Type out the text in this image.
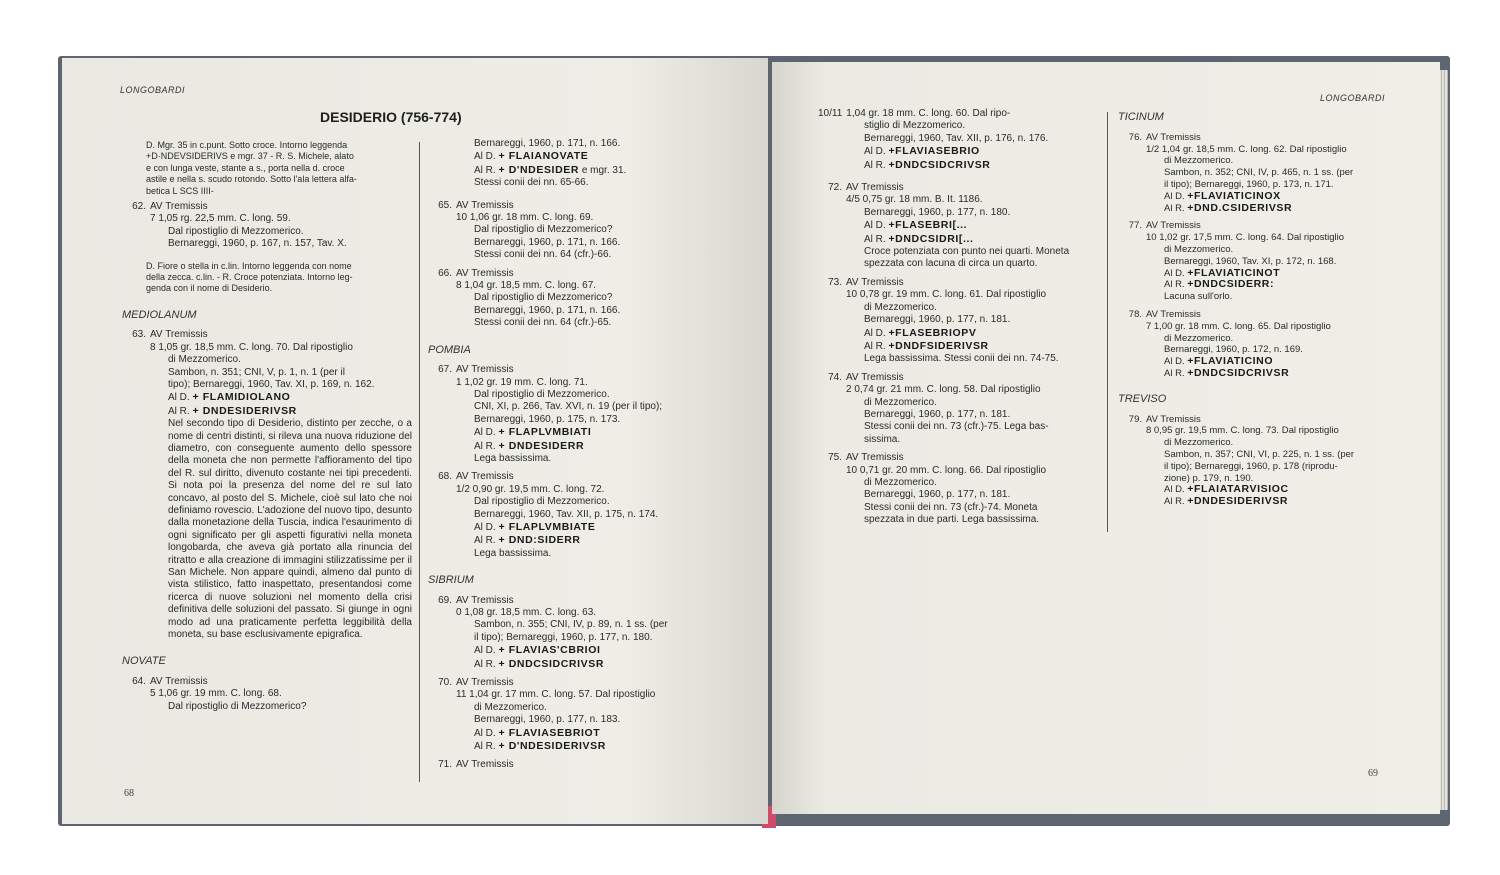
LONGOBARDI
DESIDERIO (756-774)
68

D. Mgr. 35 in c.punt. Sotto croce. Intorno leggenda

+D·NDEVSIDERIVS e mgr. 37 - R. S. Michele, alato

e con lunga veste, stante a s., porta nella d. croce

astile e nella s. scudo rotondo. Sotto l'ala lettera alfa-

betica L SCS IIII-

62. AV Tremissis

7 1,05 rg. 22,5 mm. C. long. 59.

Dal ripostiglio di Mezzomerico.

Bernareggi, 1960, p. 167, n. 157, Tav. X.

D. Fiore o stella in c.lin. Intorno leggenda con nome

della zecca. c.lin. - R. Croce potenziata. Intorno leg-

genda con il nome di Desiderio.

MEDIOLANUM
63. AV Tremissis

8 1,05 gr. 18,5 mm. C. long. 70. Dal ripostiglio

di Mezzomerico.

Sambon, n. 351; CNI, V, p. 1, n. 1 (per il

tipo); Bernareggi, 1960, Tav. XI, p. 169, n. 162.

Al D. + FLAMIDIOLANO

Al R. + DNDESIDERIVSR

Nel secondo tipo di Desiderio, distinto per zecche, o a nome di centri distinti, si rileva una nuova riduzione del diametro, con conseguente aumento dello spessore della moneta che non permette l'affioramento del tipo del R. sul diritto, divenuto costante nei tipi precedenti. Si nota poi la presenza del nome del re sul lato concavo, al posto del S. Michele, cioè sul lato che noi definiamo rovescio. L'adozione del nuovo tipo, desunto dalla monetazione della Tuscia, indica l'esaurimento di ogni significato per gli aspetti figurativi nella moneta longobarda, che aveva già portato alla rinuncia del ritratto e alla creazione di immagini stilizzatissime per il San Michele. Non appare quindi, almeno dal punto di vista stilistico, fatto inaspettato, presentandosi come ricerca di nuove soluzioni nel momento della crisi definitiva delle soluzioni del passato. Si giunge in ogni modo ad una praticamente perfetta leggibilità della moneta, su base esclusivamente epigrafica.

NOVATE
64. AV Tremissis

5 1,06 gr. 19 mm. C. long. 68.

Dal ripostiglio di Mezzomerico?

Bernareggi, 1960, p. 171, n. 166.

Al D. + FLAIANOVATE

Al R. + D'NDESIDER e mgr. 31.

Stessi conii dei nn. 65-66.

65. AV Tremissis

10 1,06 gr. 18 mm. C. long. 69.

Dal ripostiglio di Mezzomerico?

Bernareggi, 1960, p. 171, n. 166.

Stessi conii dei nn. 64 (cfr.)-66.

66. AV Tremissis

8 1,04 gr. 18,5 mm. C. long. 67.

Dal ripostiglio di Mezzomerico?

Bernareggi, 1960, p. 171, n. 166.

Stessi conii dei nn. 64 (cfr.)-65.

POMBIA
67. AV Tremissis

1 1,02 gr. 19 mm. C. long. 71.

Dal ripostiglio di Mezzomerico.

CNI, XI, p. 266, Tav. XVI, n. 19 (per il tipo);

Bernareggi, 1960, p. 175, n. 173.

Al D. + FLAPLVMBIATI

Al R. + DNDESIDERR

Lega bassissima.

68. AV Tremissis

1/2 0,90 gr. 19,5 mm. C. long. 72.

Dal ripostiglio di Mezzomerico.

Bernareggi, 1960, Tav. XII, p. 175, n. 174.

Al D. + FLAPLVMBIATE

Al R. + DND:SIDERR

Lega bassissima.

SIBRIUM
69. AV Tremissis

0 1,08 gr. 18,5 mm. C. long. 63.

Sambon, n. 355; CNI, IV, p. 89, n. 1 ss. (per

il tipo); Bernareggi, 1960, p. 177, n. 180.

Al D. + FLAVIAS'CBRIOI

Al R. + DNDCSIDCRIVSR

70. AV Tremissis

11 1,04 gr. 17 mm. C. long. 57. Dal ripostiglio

di Mezzomerico.

Bernareggi, 1960, p. 177, n. 183.

Al D. + FLAVIASEBRIOT

Al R. + D'NDESIDERIVSR

71. AV Tremissis
LONGOBARDI
69
10/11 1,04 gr. 18 mm. C. long. 60. Dal ripo-

stiglio di Mezzomerico.

Bernareggi, 1960, Tav. XII, p. 176, n. 176.

Al D. +FLAVIASEBRIO

Al R. +DNDCSIDCRIVSR

72. AV Tremissis

4/5 0,75 gr. 18 mm. B. It. 1186.

Bernareggi, 1960, p. 177, n. 180.

Al D. +FLASEBRI[...

Al R. +DNDCSIDRI[...

Croce potenziata con punto nei quarti. Moneta spezzata con lacuna di circa un quarto.

73. AV Tremissis

10 0,78 gr. 19 mm. C. long. 61. Dal ripostiglio

di Mezzomerico.

Bernareggi, 1960, p. 177, n. 181.

Al D. +FLASEBRIOPV

Al R. +DNDFSIDERIVSR

Lega bassissima. Stessi conii dei nn. 74-75.

74. AV Tremissis

2 0,74 gr. 21 mm. C. long. 58. Dal ripostiglio

di Mezzomerico.

Bernareggi, 1960, p. 177, n. 181.

Stessi conii dei nn. 73 (cfr.)-75. Lega bas-

sissima.

75. AV Tremissis

10 0,71 gr. 20 mm. C. long. 66. Dal ripostiglio

di Mezzomerico.

Bernareggi, 1960, p. 177, n. 181.

Stessi conii dei nn. 73 (cfr.)-74. Moneta

spezzata in due parti. Lega bassissima.

TICINUM
76. AV Tremissis

1/2 1,04 gr. 18,5 mm. C. long. 62. Dal ripostiglio

di Mezzomerico.

Sambon, n. 352; CNI, IV, p. 465, n. 1 ss. (per

il tipo); Bernareggi, 1960, p. 173, n. 171.

Al D. +FLAVIATICINOX

Al R. +DND.CSIDERIVSR

77. AV Tremissis

10 1,02 gr. 17,5 mm. C. long. 64. Dal ripostiglio

di Mezzomerico.

Bernareggi, 1960, Tav. XI, p. 172, n. 168.

Al D. +FLAVIATICINOT

Al R. +DNDCSIDERR:

Lacuna sull'orlo.

78. AV Tremissis

7 1,00 gr. 18 mm. C. long. 65. Dal ripostiglio

di Mezzomerico.

Bernareggi, 1960, p. 172, n. 169.

Al D. +FLAVIATICINO

Al R. +DNDCSIDCRIVSR

TREVISO
79. AV Tremissis

8 0,95 gr. 19,5 mm. C. long. 73. Dal ripostiglio

di Mezzomerico.

Sambon, n. 357; CNI, VI, p. 225, n. 1 ss. (per

il tipo); Bernareggi, 1960, p. 178 (riprodu-

zione) p. 179, n. 190.

Al D. +FLAIATARVISIOC

Al R. +DNDESIDERIVSR
